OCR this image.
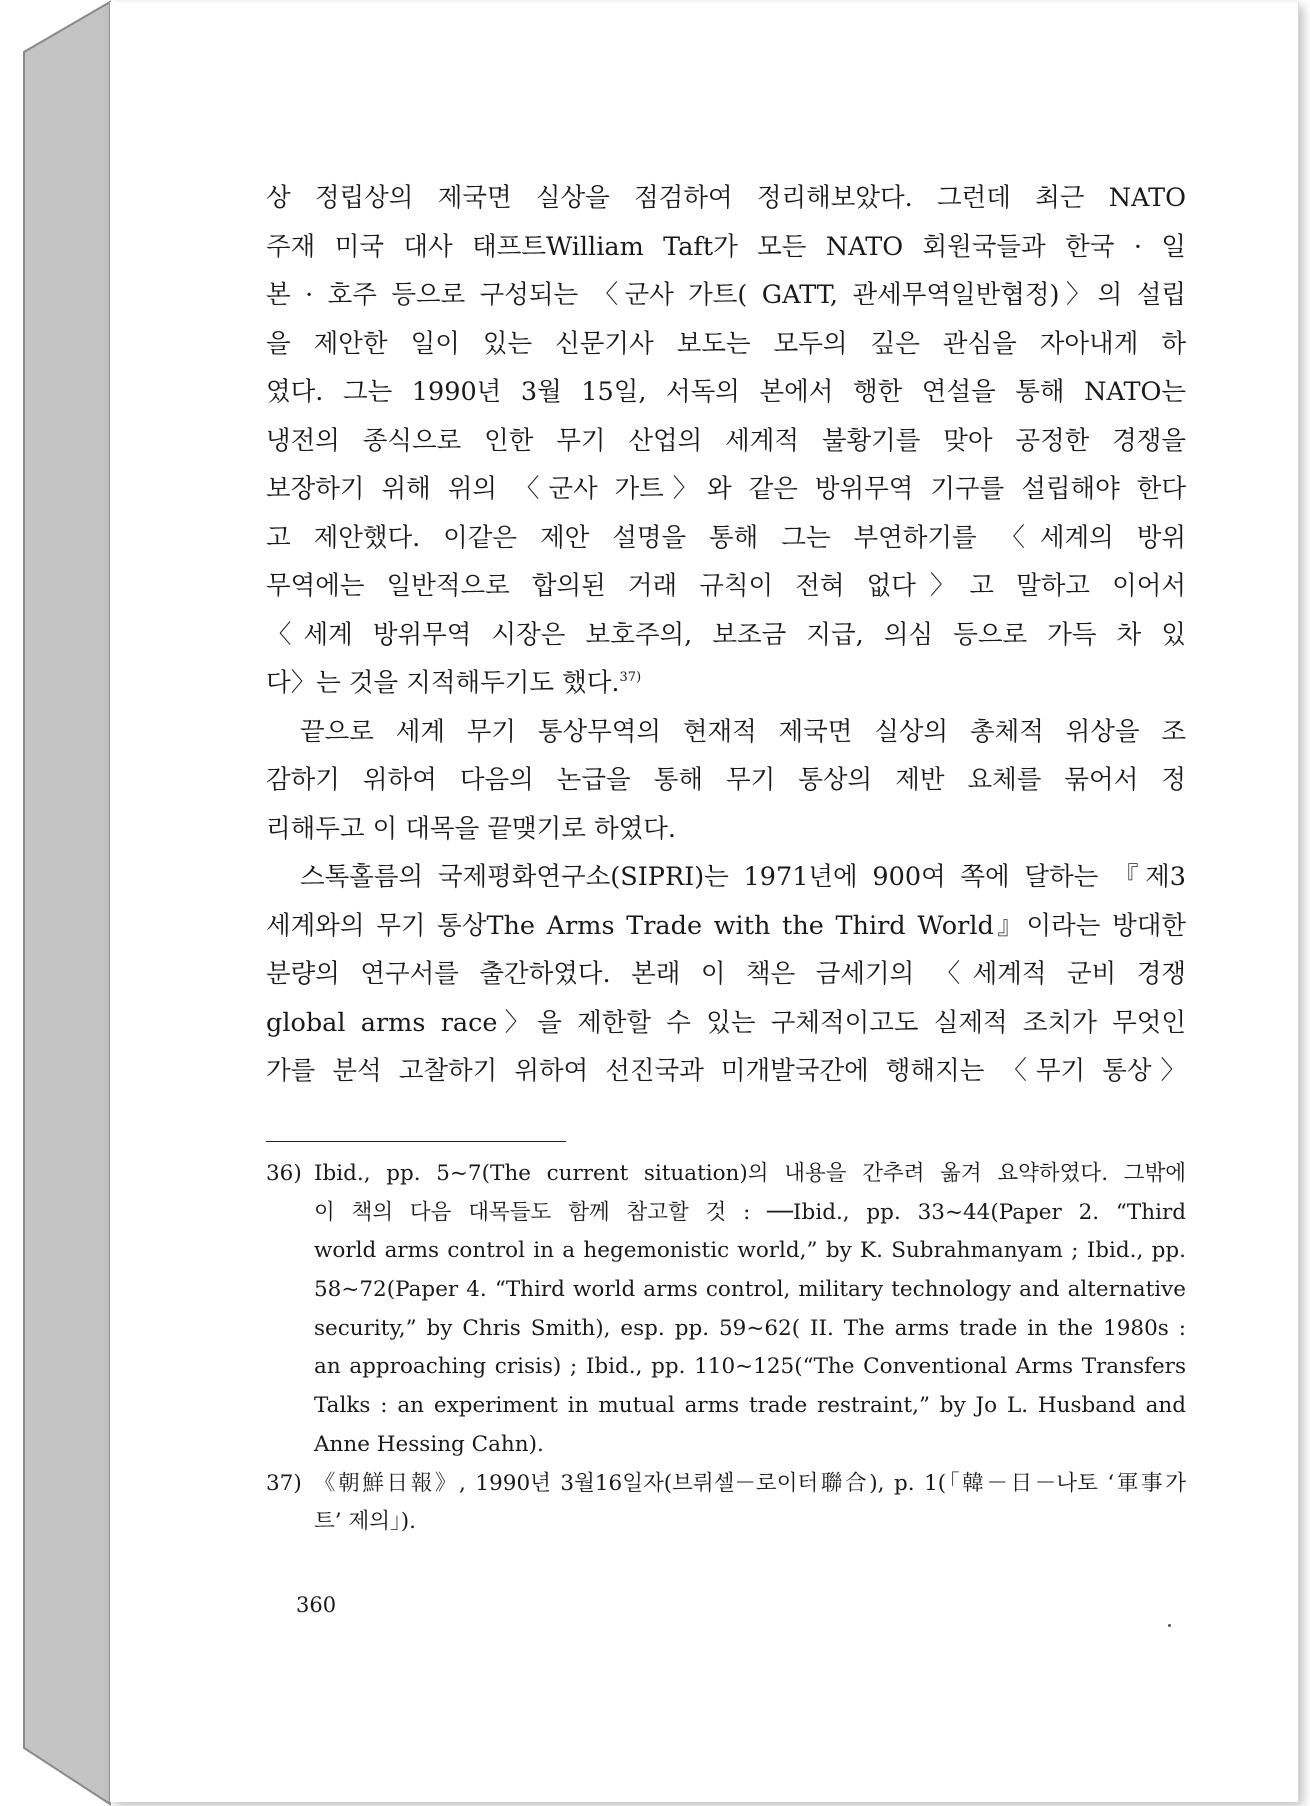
상 정립상의 제국면 실상을 점검하여 정리해보았다. 그런데 최근 NATO
주재 미국 대사 태프트William Taft가 모든 NATO 회원국들과 한국 · 일
본 · 호주 등으로 구성되는 〈군사 가트( GATT, 관세무역일반협정)〉의 설립
을 제안한 일이 있는 신문기사 보도는 모두의 깊은 관심을 자아내게 하
였다. 그는 1990년 3월 15일, 서독의 본에서 행한 연설을 통해 NATO는
냉전의 종식으로 인한 무기 산업의 세계적 불황기를 맞아 공정한 경쟁을
보장하기 위해 위의 〈군사 가트〉와 같은 방위무역 기구를 설립해야 한다
고 제안했다. 이같은 제안 설명을 통해 그는 부연하기를 〈세계의 방위
무역에는 일반적으로 합의된 거래 규칙이 전혀 없다〉고 말하고 이어서
〈세계 방위무역 시장은 보호주의, 보조금 지급, 의심 등으로 가득 차 있
다〉는 것을 지적해두기도 했다.$^{37)}$
끝으로 세계 무기 통상무역의 현재적 제국면 실상의 총체적 위상을 조
감하기 위하여 다음의 논급을 통해 무기 통상의 제반 요체를 묶어서 정
리해두고 이 대목을 끝맺기로 하였다.
스톡홀름의 국제평화연구소(SIPRI)는 1971년에 900여 쪽에 달하는 『제3
세계와의 무기 통상The Arms Trade with the Third World』이라는 방대한
분량의 연구서를 출간하였다. 본래 이 책은 금세기의 〈세계적 군비 경쟁
global arms race〉을 제한할 수 있는 구체적이고도 실제적 조치가 무엇인
가를 분석 고찰하기 위하여 선진국과 미개발국간에 행해지는 〈무기 통상〉
36) Ibid., pp. 5~7(The current situation)의 내용을 간추려 옮겨 요약하였다. 그밖에
이 책의 다음 대목들도 함께 참고할 것 : ──Ibid., pp. 33~44(Paper 2. “Third
world arms control in a hegemonistic world,” by K. Subrahmanyam ; Ibid., pp.
58~72(Paper 4. “Third world arms control, military technology and alternative
security,” by Chris Smith), esp. pp. 59~62( II. The arms trade in the 1980s :
an approaching crisis) ; Ibid., pp. 110~125(“The Conventional Arms Transfers
Talks : an experiment in mutual arms trade restraint,” by Jo L. Husband and
Anne Hessing Cahn).
37) 《朝鮮日報》, 1990년 3월16일자(브뤼셀－로이터聯合), p. 1(「韓－日－나토 ‘軍事가
트’ 제의」).
360
